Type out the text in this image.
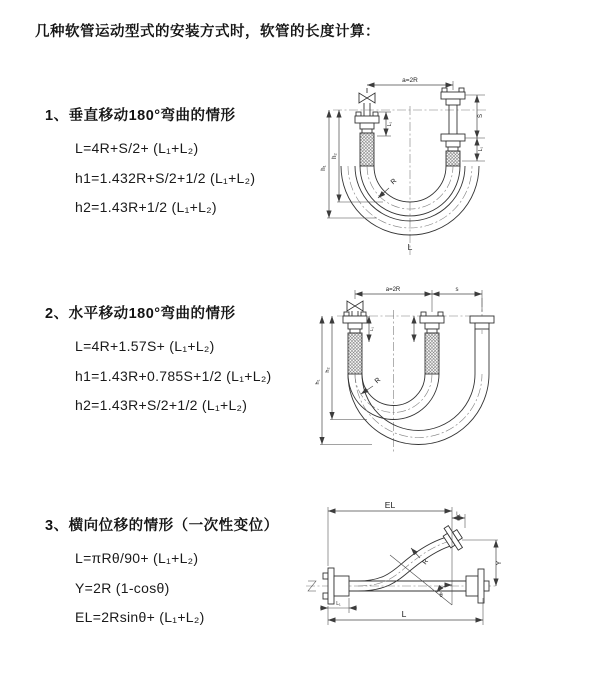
几种软管运动型式的安装方式时，软管的长度计算：
1、垂直移动180°弯曲的情形
L=4R+S/2+ (L₁+L₂)
h1=1.432R+S/2+1/2 (L₁+L₂)
h2=1.43R+1/2 (L₁+L₂)
a=2R
h₁
h₂
L₁
S
L₁
R
L
2、水平移动180°弯曲的情形
L=4R+1.57S+ (L₁+L₂)
h1=1.43R+0.785S+1/2 (L₁+L₂)
h2=1.43R+S/2+1/2 (L₁+L₂)
a=2R	s
L₁
h₁
h₂
R
3、横向位移的情形（一次性变位）
L=πRθ/90+ (L₁+L₂)
Y=2R (1-cosθ)
EL=2Rsinθ+ (L₁+L₂)
EL
L₁
Y
θ
R
L
L₁
